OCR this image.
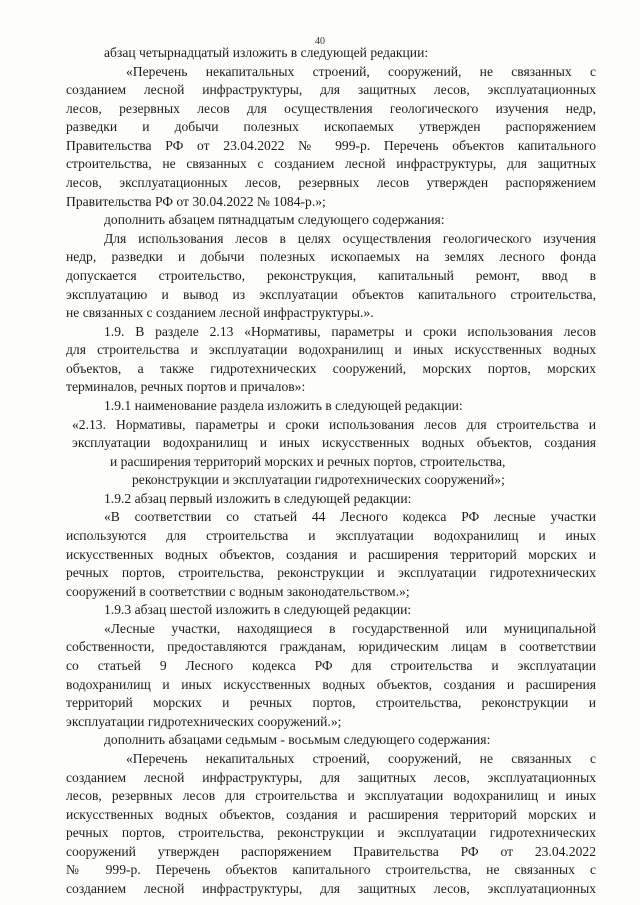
40
абзац четырнадцатый изложить в следующей редакции:
«Перечень некапитальных строений, сооружений, не связанных с
созданием лесной инфраструктуры, для защитных лесов, эксплуатационных
лесов, резервных лесов для осуществления геологического изучения недр,
разведки и добычи полезных ископаемых утвержден распоряжением
Правительства РФ от 23.04.2022 № 999-р. Перечень объектов капитального
строительства, не связанных с созданием лесной инфраструктуры, для защитных
лесов, эксплуатационных лесов, резервных лесов утвержден распоряжением
Правительства РФ от 30.04.2022 № 1084-р.»;
дополнить абзацем пятнадцатым следующего содержания:
Для использования лесов в целях осуществления геологического изучения
недр, разведки и добычи полезных ископаемых на землях лесного фонда
допускается строительство, реконструкция, капитальный ремонт, ввод в
эксплуатацию и вывод из эксплуатации объектов капитального строительства,
не связанных с созданием лесной инфраструктуры.».
1.9. В разделе 2.13 «Нормативы, параметры и сроки использования лесов
для строительства и эксплуатации водохранилищ и иных искусственных водных
объектов, а также гидротехнических сооружений, морских портов, морских
терминалов, речных портов и причалов»:
1.9.1 наименование раздела изложить в следующей редакции:
«2.13. Нормативы, параметры и сроки использования лесов для строительства и
эксплуатации водохранилищ и иных искусственных водных объектов, создания
и расширения территорий морских и речных портов, строительства,
реконструкции и эксплуатации гидротехнических сооружений»;
1.9.2 абзац первый изложить в следующей редакции:
«В соответствии со статьей 44 Лесного кодекса РФ лесные участки
используются для строительства и эксплуатации водохранилищ и иных
искусственных водных объектов, создания и расширения территорий морских и
речных портов, строительства, реконструкции и эксплуатации гидротехнических
сооружений в соответствии с водным законодательством.»;
1.9.3 абзац шестой изложить в следующей редакции:
«Лесные участки, находящиеся в государственной или муниципальной
собственности, предоставляются гражданам, юридическим лицам в соответствии
со статьей 9 Лесного кодекса РФ для строительства и эксплуатации
водохранилищ и иных искусственных водных объектов, создания и расширения
территорий морских и речных портов, строительства, реконструкции и
эксплуатации гидротехнических сооружений.»;
дополнить абзацами седьмым - восьмым следующего содержания:
«Перечень некапитальных строений, сооружений, не связанных с
созданием лесной инфраструктуры, для защитных лесов, эксплуатационных
лесов, резервных лесов для строительства и эксплуатации водохранилищ и иных
искусственных водных объектов, создания и расширения территорий морских и
речных портов, строительства, реконструкции и эксплуатации гидротехнических
сооружений утвержден распоряжением Правительства РФ от 23.04.2022
№ 999-р. Перечень объектов капитального строительства, не связанных с
созданием лесной инфраструктуры, для защитных лесов, эксплуатационных
